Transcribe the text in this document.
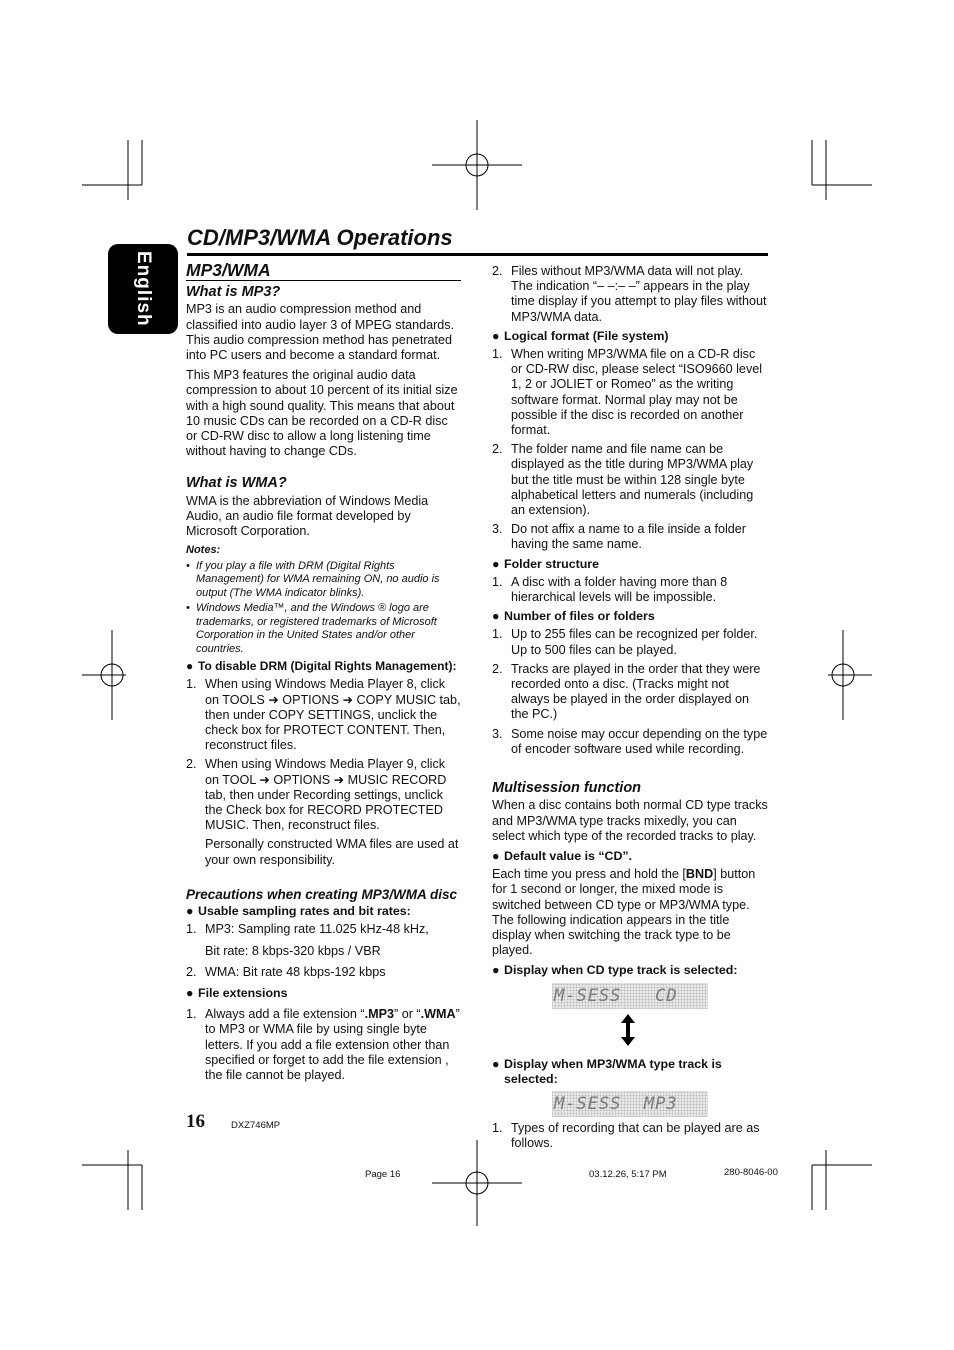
English
CD/MP3/WMA Operations
MP3/WMA
What is MP3?

MP3 is an audio compression method and classified into audio layer 3 of MPEG standards. This audio compression method has penetrated into PC users and become a standard format.

This MP3 features the original audio data compression to about 10 percent of its initial size with a high sound quality. This means that about 10 music CDs can be recorded on a CD-R disc or CD-RW disc to allow a long listening time without having to change CDs.

What is WMA?

WMA is the abbreviation of Windows Media Audio, an audio file format developed by Microsoft Corporation.

Notes:
• If you play a file with DRM (Digital Rights Management) for WMA remaining ON, no audio is output (The WMA indicator blinks).
• Windows Media™, and the Windows ® logo are trademarks, or registered trademarks of Microsoft Corporation in the United States and/or other countries.
● To disable DRM (Digital Rights Management):
1. When using Windows Media Player 8, click on TOOLS ➜ OPTIONS ➜ COPY MUSIC tab, then under COPY SETTINGS, unclick the check box for PROTECT CONTENT. Then, reconstruct files.
2. When using Windows Media Player 9, click on TOOL ➜ OPTIONS ➜ MUSIC RECORD tab, then under Recording settings, unclick the Check box for RECORD PROTECTED MUSIC. Then, reconstruct files.

Personally constructed WMA files are used at your own responsibility.

Precautions when creating MP3/WMA disc
● Usable sampling rates and bit rates:
1. MP3: Sampling rate 11.025 kHz-48 kHz,
Bit rate: 8 kbps-320 kbps / VBR
2. WMA: Bit rate 48 kbps-192 kbps
● File extensions
1. Always add a file extension “.MP3” or “.WMA” to MP3 or WMA file by using single byte letters. If you add a file extension other than specified or forget to add the file extension , the file cannot be played.
2. Files without MP3/WMA data will not play. The indication “– –:– –” appears in the play time display if you attempt to play files without MP3/WMA data.
● Logical format (File system)
1. When writing MP3/WMA file on a CD-R disc or CD-RW disc, please select “ISO9660 level 1, 2 or JOLIET or Romeo” as the writing software format. Normal play may not be possible if the disc is recorded on another format.
2. The folder name and file name can be displayed as the title during MP3/WMA play but the title must be within 128 single byte alphabetical letters and numerals (including an extension).
3. Do not affix a name to a file inside a folder having the same name.
● Folder structure
1. A disc with a folder having more than 8 hierarchical levels will be impossible.
● Number of files or folders
1. Up to 255 files can be recognized per folder. Up to 500 files can be played.
2. Tracks are played in the order that they were recorded onto a disc. (Tracks might not always be played in the order displayed on the PC.)
3. Some noise may occur depending on the type of encoder software used while recording.
Multisession function

When a disc contains both normal CD type tracks and MP3/WMA type tracks mixedly, you can select which type of the recorded tracks to play.

● Default value is “CD”.

Each time you press and hold the [BND] button for 1 second or longer, the mixed mode is switched between CD type or MP3/WMA type. The following indication appears in the title display when switching the track type to be played.

● Display when CD type track is selected:
M-SESS   CD
● Display when MP3/WMA type track is selected:
M-SESS  MP3
1. Types of recording that can be played are as follows.
16	DXZ746MP
Page 16	03.12.26, 5:17 PM	280-8046-00
